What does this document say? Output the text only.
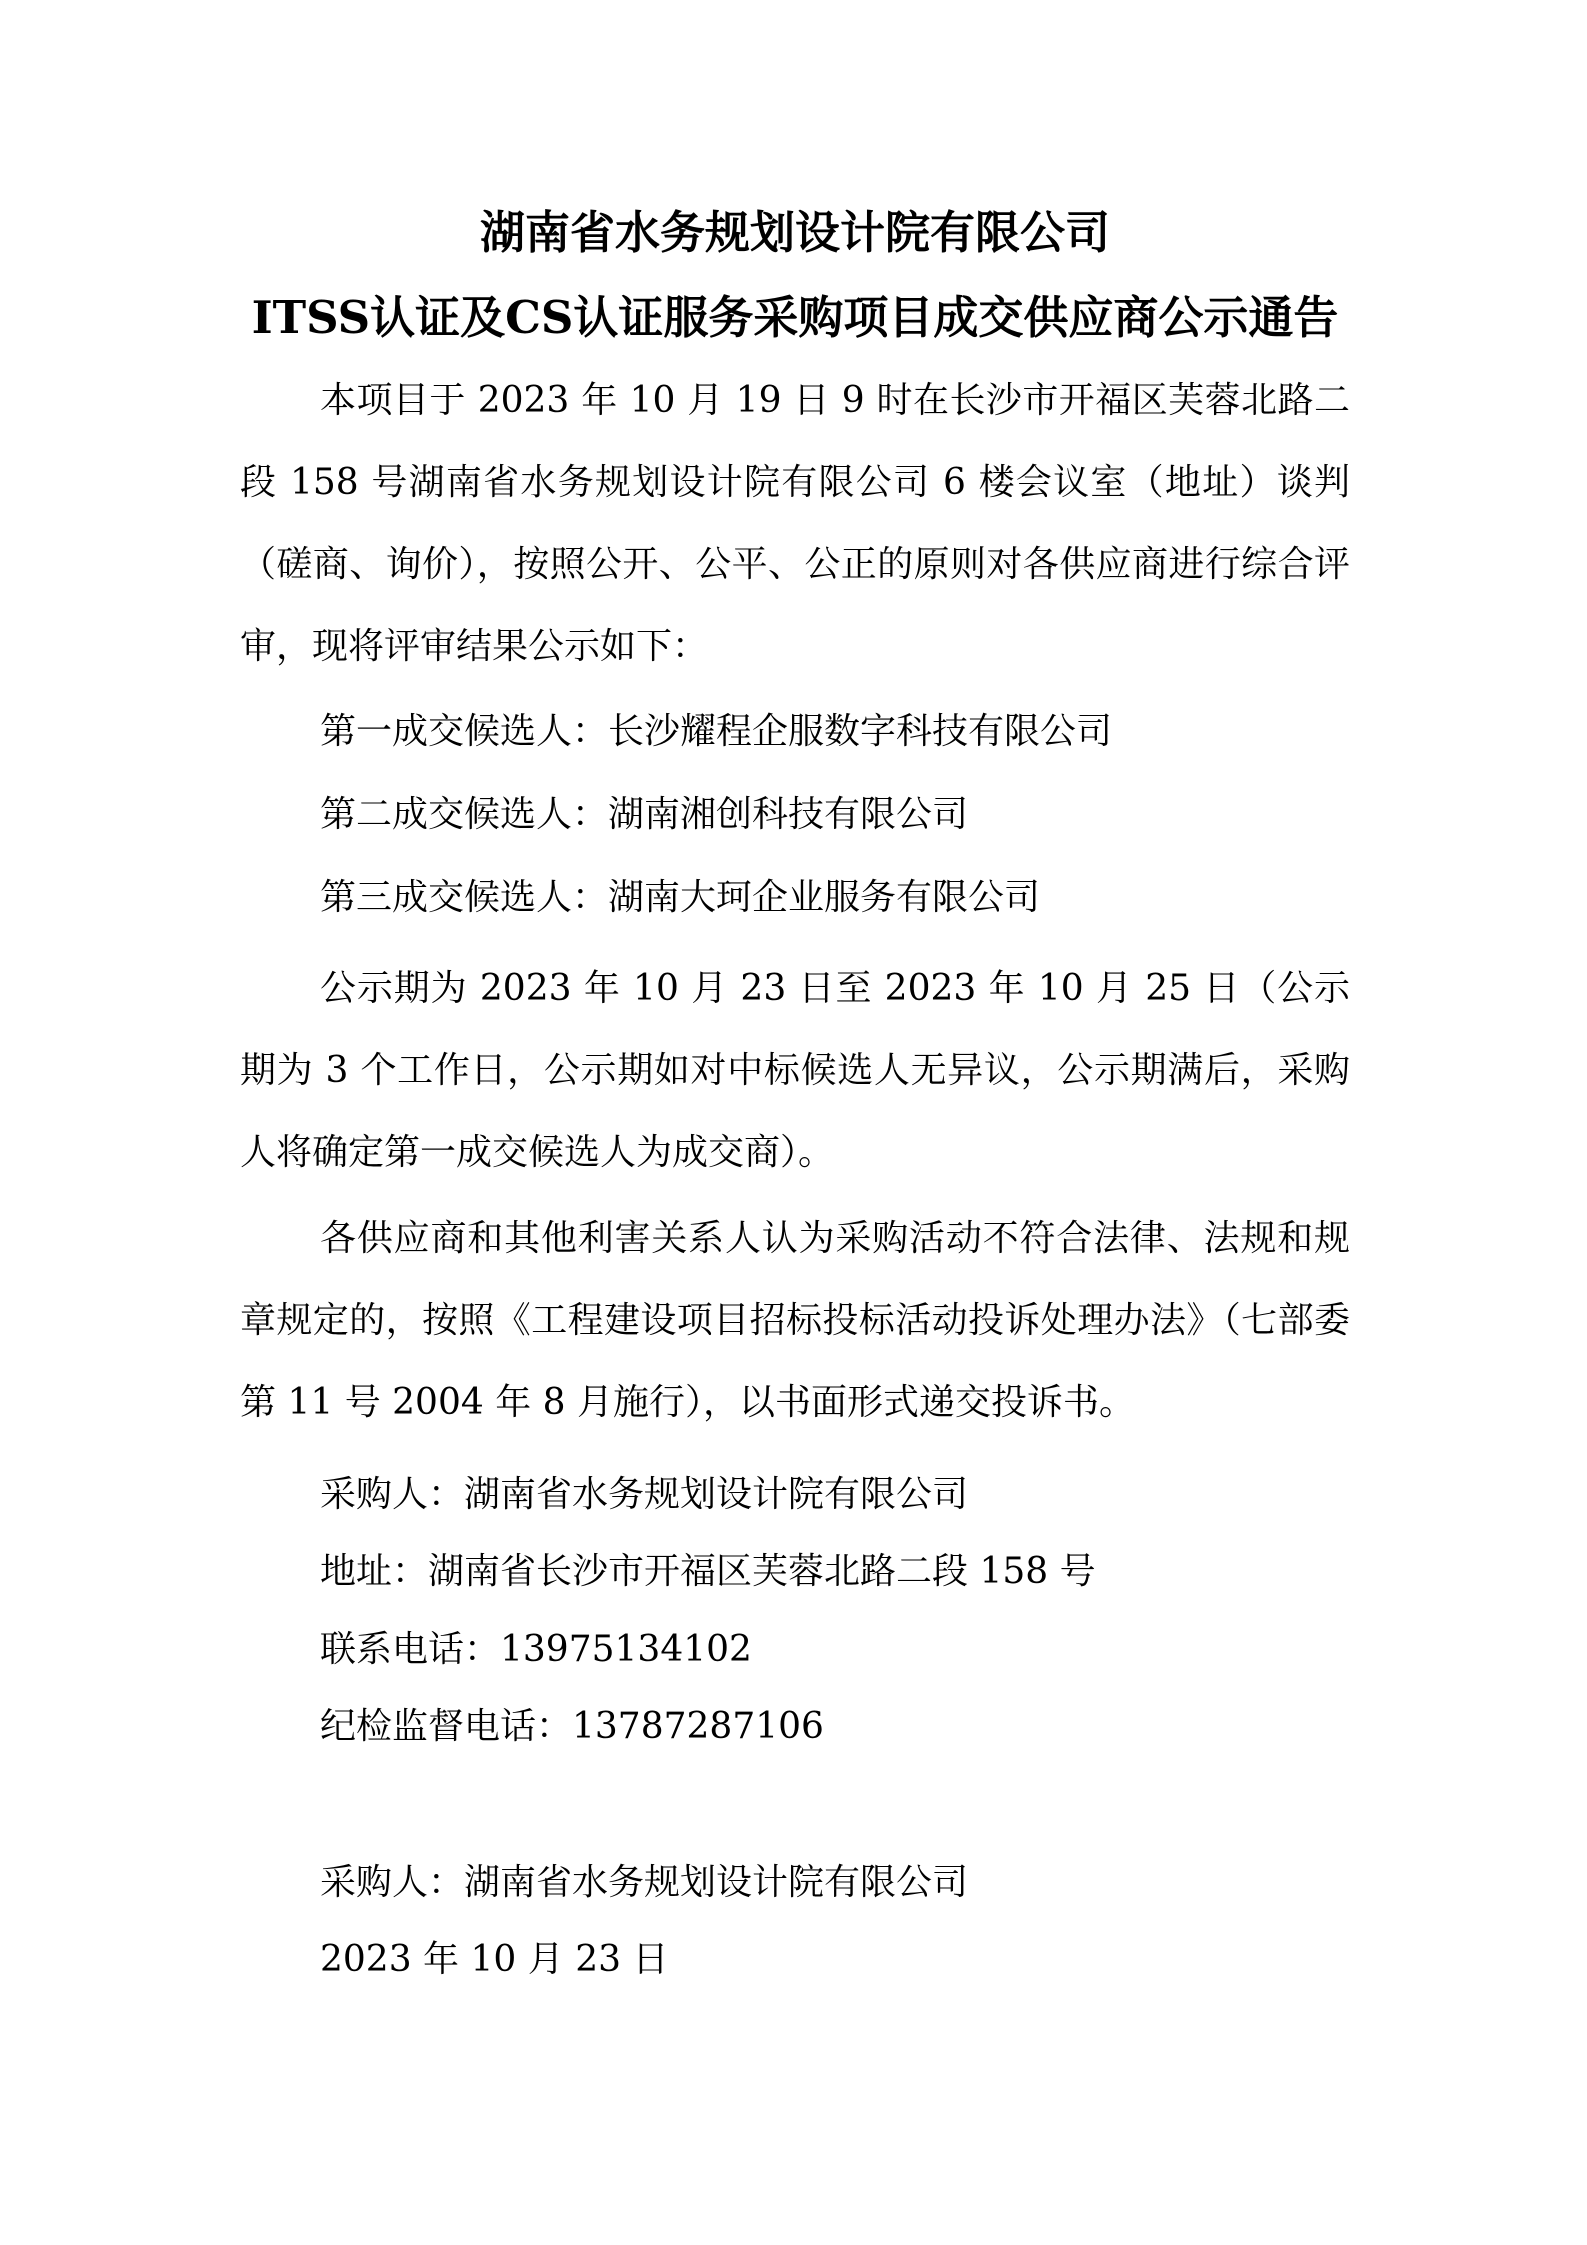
湖南省水务规划设计院有限公司
ITSS认证及CS认证服务采购项目成交供应商公示通告

本项目于 2023 年 10 月 19 日 9 时在长沙市开福区芙蓉北路二段 158 号湖南省水务规划设计院有限公司 6 楼会议室（地址）谈判（磋商、询价），按照公开、公平、公正的原则对各供应商进行综合评审，现将评审结果公示如下：

第一成交候选人：长沙耀程企服数字科技有限公司
第二成交候选人：湖南湘创科技有限公司
第三成交候选人：湖南大珂企业服务有限公司

公示期为 2023 年 10 月 23 日至 2023 年 10 月 25 日（公示期为 3 个工作日，公示期如对中标候选人无异议，公示期满后，采购人将确定第一成交候选人为成交商）。

各供应商和其他利害关系人认为采购活动不符合法律、法规和规章规定的，按照《工程建设项目招标投标活动投诉处理办法》（七部委第 11 号 2004 年 8 月施行），以书面形式递交投诉书。

采购人：湖南省水务规划设计院有限公司
地址：湖南省长沙市开福区芙蓉北路二段 158 号
联系电话：13975134102
纪检监督电话：13787287106
采购人：湖南省水务规划设计院有限公司
2023 年 10 月 23 日
